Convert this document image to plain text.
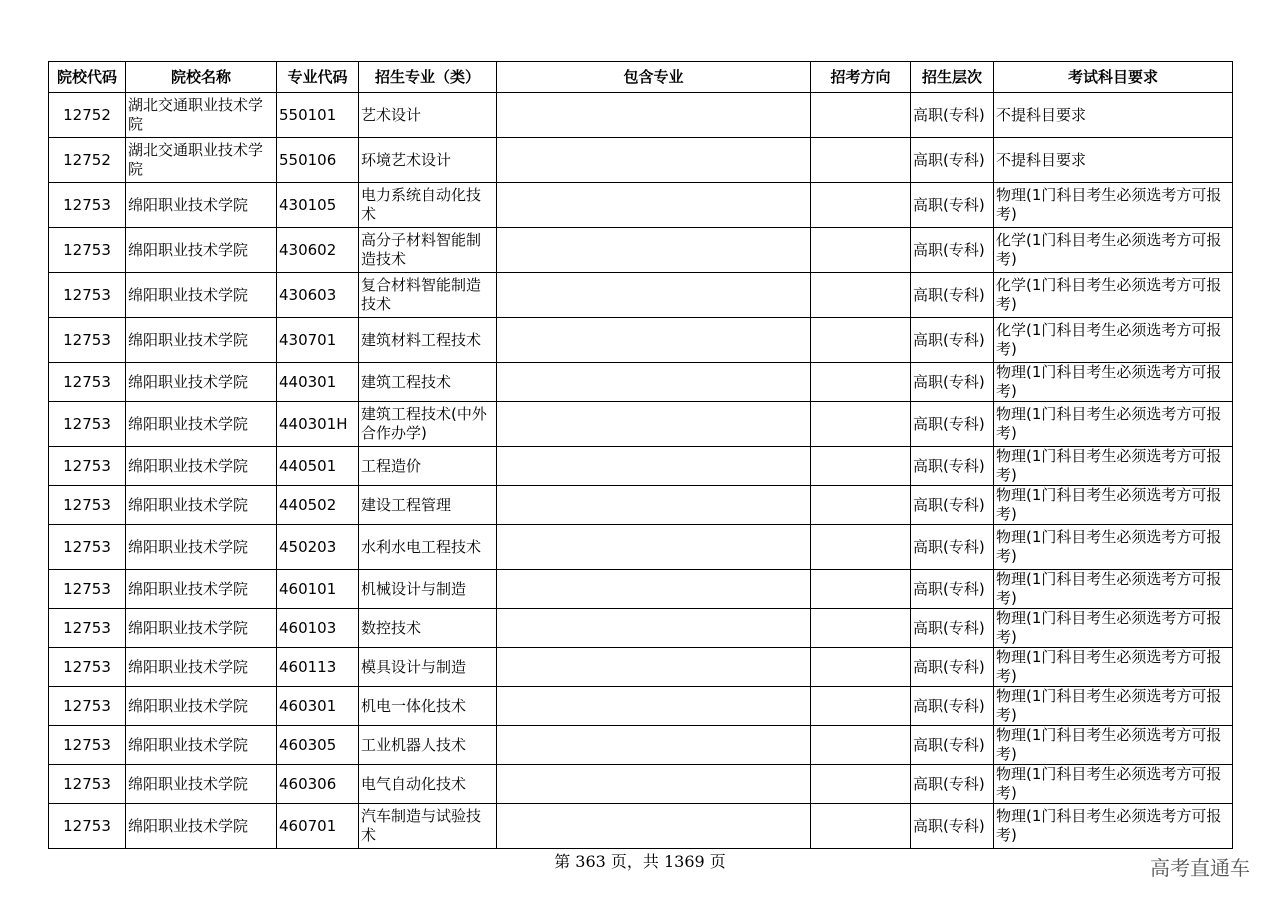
院校代码	院校名称	专业代码	招生专业（类）	包含专业	招考方向	招生层次	考试科目要求
12752	湖北交通职业技术学院	550101	艺术设计			高职(专科)	不提科目要求
12752	湖北交通职业技术学院	550106	环境艺术设计			高职(专科)	不提科目要求
12753	绵阳职业技术学院	430105	电力系统自动化技术			高职(专科)	物理(1门科目考生必须选考方可报考)
12753	绵阳职业技术学院	430602	高分子材料智能制造技术			高职(专科)	化学(1门科目考生必须选考方可报考)
12753	绵阳职业技术学院	430603	复合材料智能制造技术			高职(专科)	化学(1门科目考生必须选考方可报考)
12753	绵阳职业技术学院	430701	建筑材料工程技术			高职(专科)	化学(1门科目考生必须选考方可报考)
12753	绵阳职业技术学院	440301	建筑工程技术			高职(专科)	物理(1门科目考生必须选考方可报考)
12753	绵阳职业技术学院	440301H	建筑工程技术(中外合作办学)			高职(专科)	物理(1门科目考生必须选考方可报考)
12753	绵阳职业技术学院	440501	工程造价			高职(专科)	物理(1门科目考生必须选考方可报考)
12753	绵阳职业技术学院	440502	建设工程管理			高职(专科)	物理(1门科目考生必须选考方可报考)
12753	绵阳职业技术学院	450203	水利水电工程技术			高职(专科)	物理(1门科目考生必须选考方可报考)
12753	绵阳职业技术学院	460101	机械设计与制造			高职(专科)	物理(1门科目考生必须选考方可报考)
12753	绵阳职业技术学院	460103	数控技术			高职(专科)	物理(1门科目考生必须选考方可报考)
12753	绵阳职业技术学院	460113	模具设计与制造			高职(专科)	物理(1门科目考生必须选考方可报考)
12753	绵阳职业技术学院	460301	机电一体化技术			高职(专科)	物理(1门科目考生必须选考方可报考)
12753	绵阳职业技术学院	460305	工业机器人技术			高职(专科)	物理(1门科目考生必须选考方可报考)
12753	绵阳职业技术学院	460306	电气自动化技术			高职(专科)	物理(1门科目考生必须选考方可报考)
12753	绵阳职业技术学院	460701	汽车制造与试验技术			高职(专科)	物理(1门科目考生必须选考方可报考)
第 363 页，共 1369 页	高考直通车
